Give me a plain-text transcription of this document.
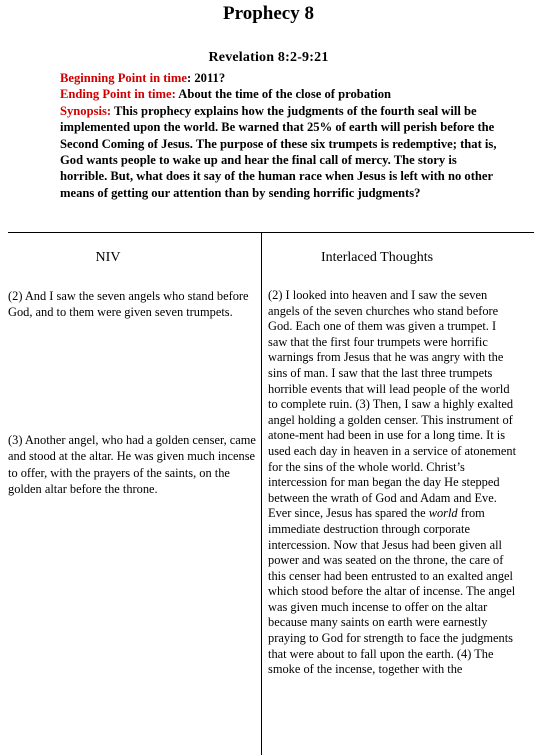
Prophecy 8
Revelation 8:2-9:21

Beginning Point in time: 2011?

Ending Point in time: About the time of the close of probation

Synopsis: This prophecy explains how the judgments of the fourth seal will be implemented upon the world. Be warned that 25% of earth will perish before the Second Coming of Jesus. The purpose of these six trumpets is redemptive; that is, God wants people to wake up and hear the final call of mercy. The story is horrible. But, what does it say of the human race when Jesus is left with no other means of getting our attention than by sending horrific judgments?

NIV	Interlaced Thoughts

(2) And I saw the seven angels who stand before God, and to them were given seven trumpets.

(3) Another angel, who had a golden censer, came and stood at the altar. He was given much incense to offer, with the prayers of the saints, on the golden altar before the throne.

(2) I looked into heaven and I saw the seven angels of the seven churches who stand before God. Each one of them was given a trumpet. I saw that the first four trumpets were horrific warnings from Jesus that he was angry with the sins of man. I saw that the last three trumpets horrible events that will lead people of the world to complete ruin. (3) Then, I saw a highly exalted angel holding a golden censer. This instrument of atone-ment had been in use for a long time. It is used each day in heaven in a service of atonement for the sins of the whole world. Christ’s intercession for man began the day He stepped between the wrath of God and Adam and Eve. Ever since, Jesus has spared the world from immediate destruction through corporate intercession. Now that Jesus had been given all power and was seated on the throne, the care of this censer had been entrusted to an exalted angel which stood before the altar of incense. The angel was given much incense to offer on the altar because many saints on earth were earnestly praying to God for strength to face the judgments that were about to fall upon the earth. (4) The smoke of the incense, together with the
